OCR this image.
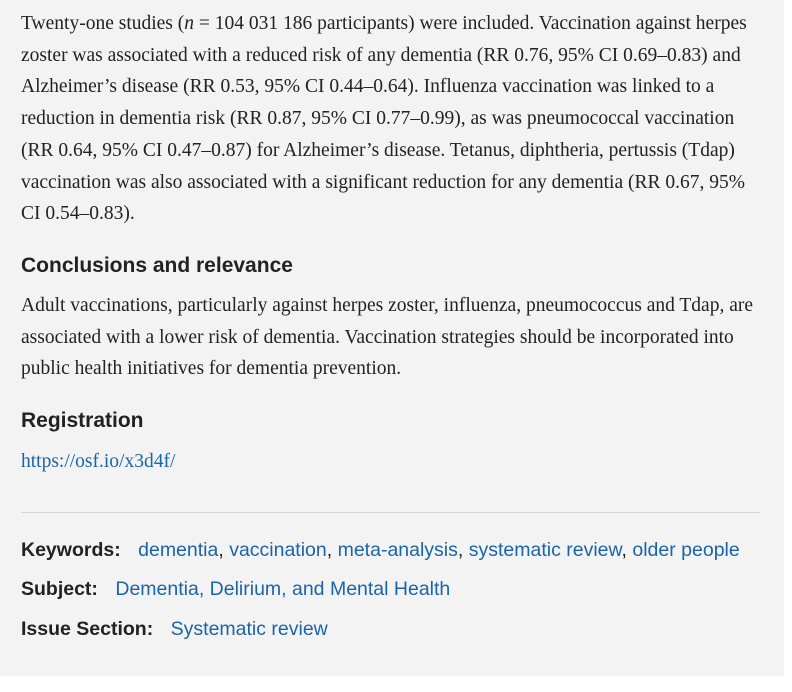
Twenty-one studies (n = 104 031 186 participants) were included. Vaccination against herpes zoster was associated with a reduced risk of any dementia (RR 0.76, 95% CI 0.69–0.83) and Alzheimer’s disease (RR 0.53, 95% CI 0.44–0.64). Influenza vaccination was linked to a reduction in dementia risk (RR 0.87, 95% CI 0.77–0.99), as was pneumococcal vaccination (RR 0.64, 95% CI 0.47–0.87) for Alzheimer’s disease. Tetanus, diphtheria, pertussis (Tdap) vaccination was also associated with a significant reduction for any dementia (RR 0.67, 95% CI 0.54–0.83).

Conclusions and relevance

Adult vaccinations, particularly against herpes zoster, influenza, pneumococcus and Tdap, are associated with a lower risk of dementia. Vaccination strategies should be incorporated into public health initiatives for dementia prevention.

Registration

https://osf.io/x3d4f/

Keywords: dementia, vaccination, meta-analysis, systematic review, older people
Subject: Dementia, Delirium, and Mental Health
Issue Section: Systematic review
